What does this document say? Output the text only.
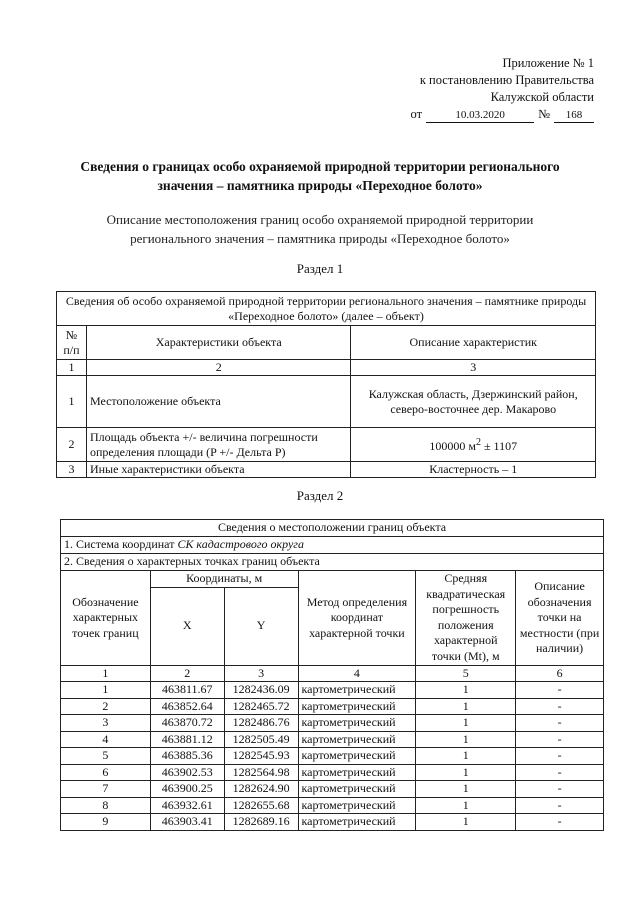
Приложение № 1
к постановлению Правительства
Калужской области
от	10.03.2020	№	168
Сведения о границах особо охраняемой природной территории регионального
значения – памятника природы «Переходное болото»
Описание местоположения границ особо охраняемой природной территории
регионального значения – памятника природы «Переходное болото»
Раздел 1
Сведения об особо охраняемой природной территории регионального значения – памятнике природы «Переходное болото» (далее – объект)		
№ п/п	Характеристики объекта	Описание характеристик
1	2	3
1	Местоположение объекта	Калужская область, Дзержинский район, северо-восточнее дер. Макарово
2	Площадь объекта +/- величина погрешности определения площади (P +/- Дельта P)	100000 $м^2 \pm 1107$
3	Иные характеристики объекта	Кластерность – 1
Раздел 2
Сведения о местоположении границ объекта					
1. Система координат СК кадастрового округа					
2. Сведения о характерных точках границ объекта					
Обозначение характерных точек границ	Координаты, м		Метод определения координат характерной точки	Средняя квадратическая погрешность положения характерной точки (Mt), м	Описание обозначения точки на местности (при наличии)
	X	Y			
1	2	3	4	5	6
1	463811.67	1282436.09	картометрический	1	-
2	463852.64	1282465.72	картометрический	1	-
3	463870.72	1282486.76	картометрический	1	-
4	463881.12	1282505.49	картометрический	1	-
5	463885.36	1282545.93	картометрический	1	-
6	463902.53	1282564.98	картометрический	1	-
7	463900.25	1282624.90	картометрический	1	-
8	463932.61	1282655.68	картометрический	1	-
9	463903.41	1282689.16	картометрический	1	-
